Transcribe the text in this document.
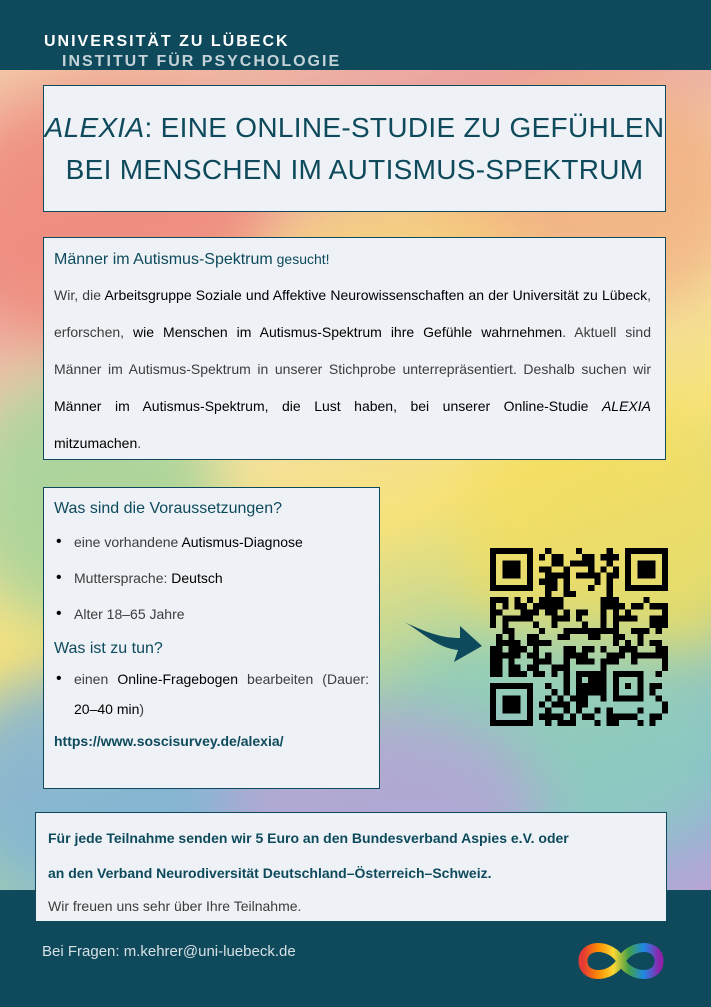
UNIVERSITÄT ZU LÜBECK
INSTITUT FÜR PSYCHOLOGIE
ALEXIA: EINE ONLINE-STUDIE ZU GEFÜHLEN
BEI MENSCHEN IM AUTISMUS-SPEKTRUM
Männer im Autismus-Spektrum gesucht!
Wir, die Arbeitsgruppe Soziale und Affektive Neurowissenschaften an der Universität zu Lübeck, erforschen, wie Menschen im Autismus-Spektrum ihre Gefühle wahrnehmen. Aktuell sind Männer im Autismus-Spektrum in unserer Stichprobe unterrepräsentiert. Deshalb suchen wir Männer im Autismus-Spektrum, die Lust haben, bei unserer Online-Studie ALEXIA mitzumachen.
Was sind die Voraussetzungen?
• eine vorhandene Autismus-Diagnose
• Muttersprache: Deutsch
• Alter 18–65 Jahre
Was ist zu tun?
• einen Online-Fragebogen bearbeiten (Dauer: 20–40 min)
https://www.soscisurvey.de/alexia/
Für jede Teilnahme senden wir 5 Euro an den Bundesverband Aspies e.V. oder
an den Verband Neurodiversität Deutschland–Österreich–Schweiz.
Wir freuen uns sehr über Ihre Teilnahme.
Bei Fragen: m.kehrer@uni-luebeck.de
